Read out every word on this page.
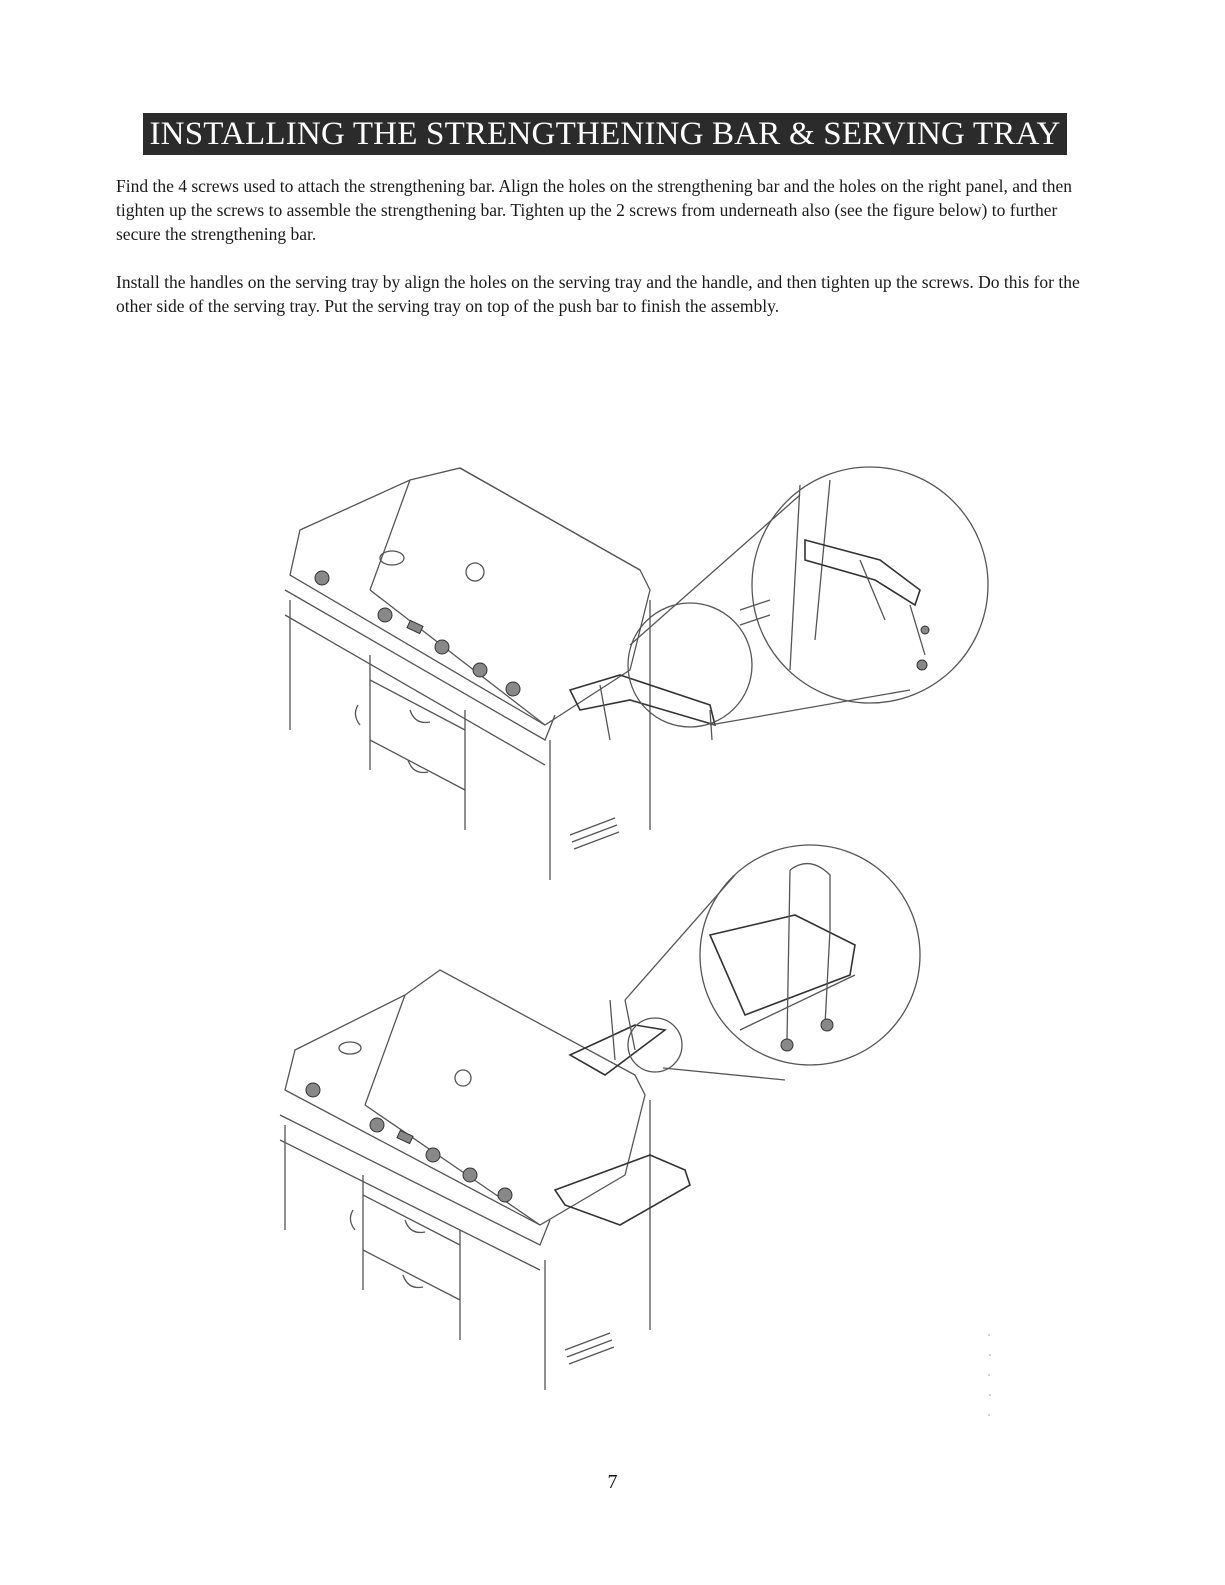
INSTALLING THE STRENGTHENING BAR & SERVING TRAY

Find the 4 screws used to attach the strengthening bar. Align the holes on the strengthening bar and the holes on the right panel, and then tighten up the screws to assemble the strengthening bar. Tighten up the 2 screws from underneath also (see the figure below) to further secure the strengthening bar.

Install the handles on the serving tray by align the holes on the serving tray and the handle, and then tighten up the screws. Do this for the other side of the serving tray. Put the serving tray on top of the push bar to finish the assembly.

7
